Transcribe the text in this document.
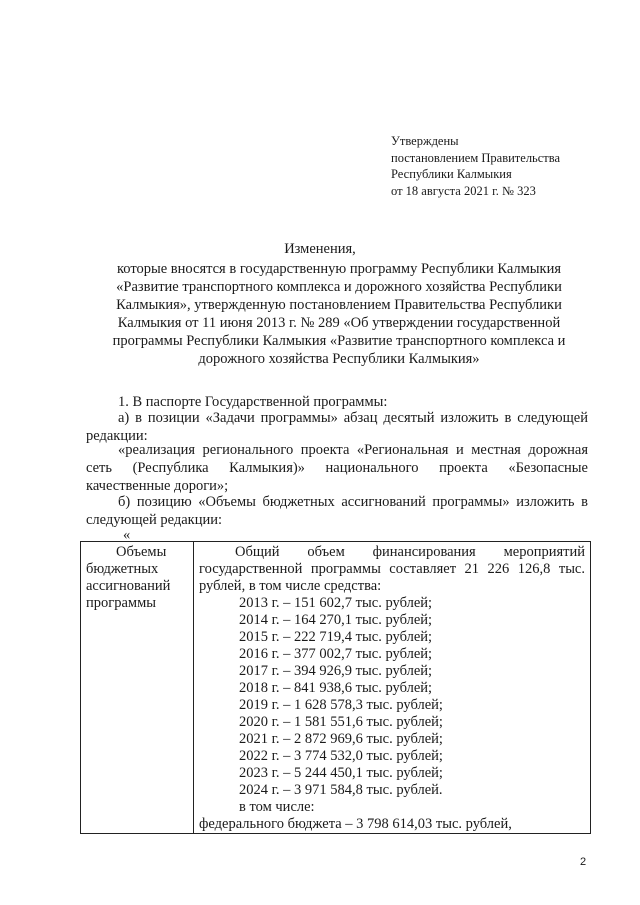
Утверждены
постановлением Правительства
Республики Калмыкия
от 18 августа 2021 г. № 323
Изменения,
которые вносятся в государственную программу Республики Калмыкия «Развитие транспортного комплекса и дорожного хозяйства Республики Калмыкия», утвержденную постановлением Правительства Республики Калмыкия от 11 июня 2013 г. № 289 «Об утверждении государственной программы Республики Калмыкия «Развитие транспортного комплекса и дорожного хозяйства Республики Калмыкия»
1. В паспорте Государственной программы:
а) в позиции «Задачи программы» абзац десятый изложить в следующей редакции:
«реализация регионального проекта «Региональная и местная дорожная сеть (Республика Калмыкия)» национального проекта «Безопасные качественные дороги»;
б) позицию «Объемы бюджетных ассигнований программы» изложить в следующей редакции:
«
Объемы
бюджетных
ассигнований
программы

Общий объем финансирования мероприятий государственной программы составляет 21 226 126,8 тыс. рублей, в том числе средства:
2013 г. – 151 602,7 тыс. рублей;
2014 г. – 164 270,1 тыс. рублей;
2015 г. – 222 719,4 тыс. рублей;
2016 г. – 377 002,7 тыс. рублей;
2017 г. – 394 926,9 тыс. рублей;
2018 г. – 841 938,6 тыс. рублей;
2019 г. – 1 628 578,3 тыс. рублей;
2020 г. – 1 581 551,6 тыс. рублей;
2021 г. – 2 872 969,6 тыс. рублей;
2022 г. – 3 774 532,0 тыс. рублей;
2023 г. – 5 244 450,1 тыс. рублей;
2024 г. – 3 971 584,8 тыс. рублей.
в том числе:
федерального бюджета – 3 798 614,03 тыс. рублей,
2
